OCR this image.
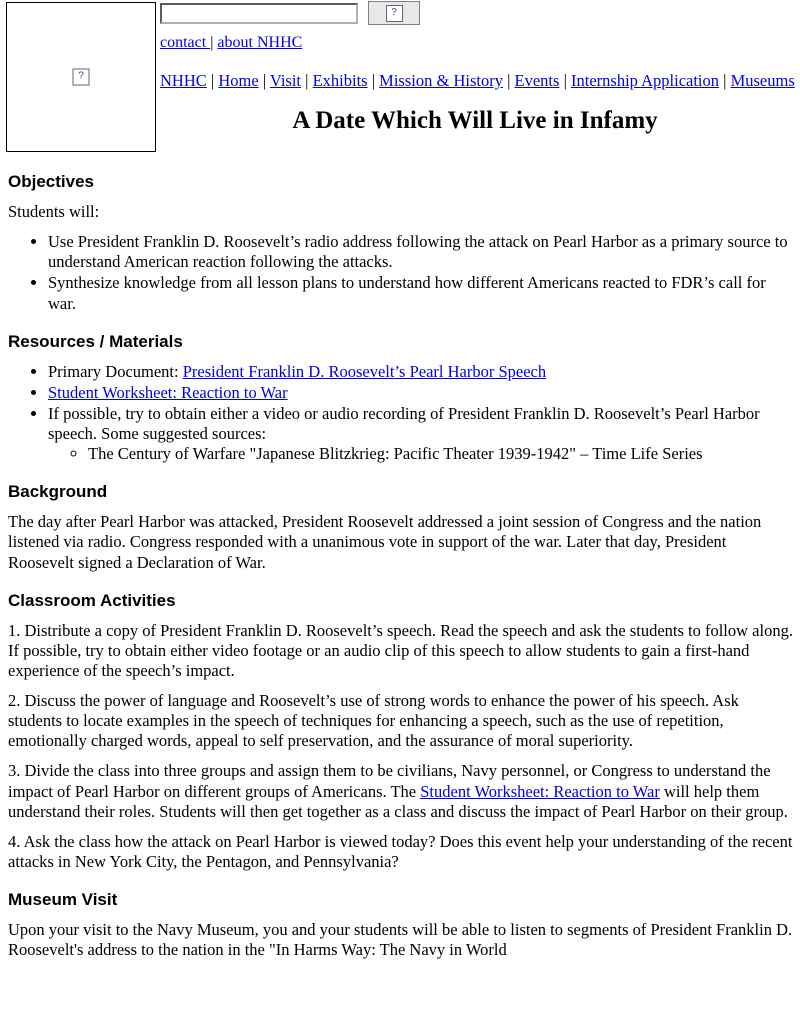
?
?
contact | about NHHC
NHHC | Home | Visit | Exhibits | Mission & History | Events | Internship Application | Museums
A Date Which Will Live in Infamy
Objectives

Students will:

• Use President Franklin D. Roosevelt’s radio address following the attack on Pearl Harbor as a primary source to understand American reaction following the attacks.
• Synthesize knowledge from all lesson plans to understand how different Americans reacted to FDR’s call for war.
Resources / Materials
• Primary Document: President Franklin D. Roosevelt’s Pearl Harbor Speech
• Student Worksheet: Reaction to War
• If possible, try to obtain either a video or audio recording of President Franklin D. Roosevelt’s Pearl Harbor speech. Some suggested sources:
◦ The Century of Warfare "Japanese Blitzkrieg: Pacific Theater 1939-1942" – Time Life Series
Background

The day after Pearl Harbor was attacked, President Roosevelt addressed a joint session of Congress and the nation listened via radio. Congress responded with a unanimous vote in support of the war. Later that day, President Roosevelt signed a Declaration of War.

Classroom Activities

1. Distribute a copy of President Franklin D. Roosevelt’s speech. Read the speech and ask the students to follow along. If possible, try to obtain either video footage or an audio clip of this speech to allow students to gain a first-hand experience of the speech’s impact.

2. Discuss the power of language and Roosevelt’s use of strong words to enhance the power of his speech. Ask students to locate examples in the speech of techniques for enhancing a speech, such as the use of repetition, emotionally charged words, appeal to self preservation, and the assurance of moral superiority.

3. Divide the class into three groups and assign them to be civilians, Navy personnel, or Congress to understand the impact of Pearl Harbor on different groups of Americans. The Student Worksheet: Reaction to War will help them understand their roles. Students will then get together as a class and discuss the impact of Pearl Harbor on their group.

4. Ask the class how the attack on Pearl Harbor is viewed today? Does this event help your understanding of the recent attacks in New York City, the Pentagon, and Pennsylvania?

Museum Visit

Upon your visit to the Navy Museum, you and your students will be able to listen to segments of President Franklin D. Roosevelt's address to the nation in the "In Harms Way: The Navy in World
